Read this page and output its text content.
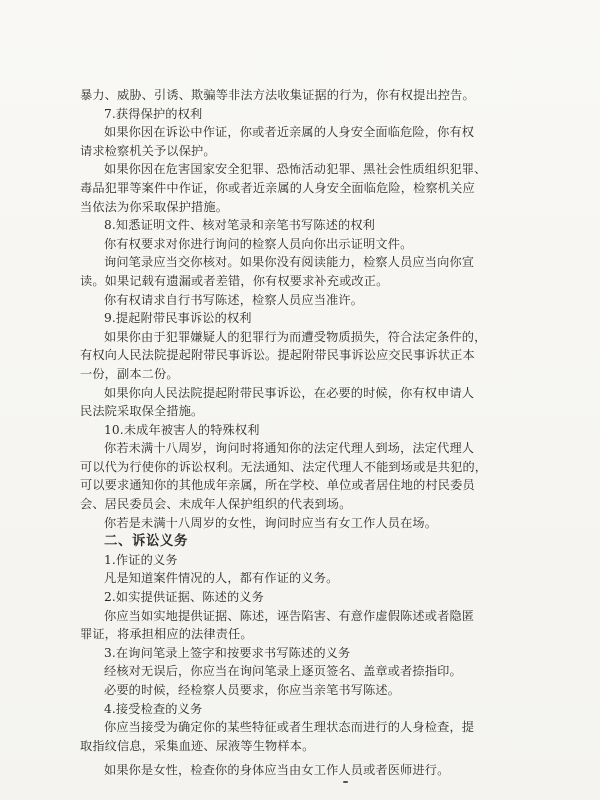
暴力、威胁、引诱、欺骗等非法方法收集证据的行为，你有权提出控告。
7.获得保护的权利
如果你因在诉讼中作证，你或者近亲属的人身安全面临危险，你有权
请求检察机关予以保护。
如果你因在危害国家安全犯罪、恐怖活动犯罪、黑社会性质组织犯罪、
毒品犯罪等案件中作证，你或者近亲属的人身安全面临危险，检察机关应
当依法为你采取保护措施。
8.知悉证明文件、核对笔录和亲笔书写陈述的权利
你有权要求对你进行询问的检察人员向你出示证明文件。
询问笔录应当交你核对。如果你没有阅读能力，检察人员应当向你宣
读。如果记载有遗漏或者差错，你有权要求补充或改正。
你有权请求自行书写陈述，检察人员应当准许。
9.提起附带民事诉讼的权利
如果你由于犯罪嫌疑人的犯罪行为而遭受物质损失，符合法定条件的，
有权向人民法院提起附带民事诉讼。提起附带民事诉讼应交民事诉状正本
一份，副本二份。
如果你向人民法院提起附带民事诉讼，在必要的时候，你有权申请人
民法院采取保全措施。
10.未成年被害人的特殊权利
你若未满十八周岁，询问时将通知你的法定代理人到场，法定代理人
可以代为行使你的诉讼权利。无法通知、法定代理人不能到场或是共犯的，
可以要求通知你的其他成年亲属，所在学校、单位或者居住地的村民委员
会、居民委员会、未成年人保护组织的代表到场。
你若是未满十八周岁的女性，询问时应当有女工作人员在场。
二、诉讼义务
1.作证的义务
凡是知道案件情况的人，都有作证的义务。
2.如实提供证据、陈述的义务
你应当如实地提供证据、陈述，诬告陷害、有意作虚假陈述或者隐匿
罪证，将承担相应的法律责任。
3.在询问笔录上签字和按要求书写陈述的义务
经核对无误后，你应当在询问笔录上逐页签名、盖章或者捺指印。
必要的时候，经检察人员要求，你应当亲笔书写陈述。
4.接受检查的义务
你应当接受为确定你的某些特征或者生理状态而进行的人身检查，提
取指纹信息，采集血迹、尿液等生物样本。
如果你是女性，检查你的身体应当由女工作人员或者医师进行。
